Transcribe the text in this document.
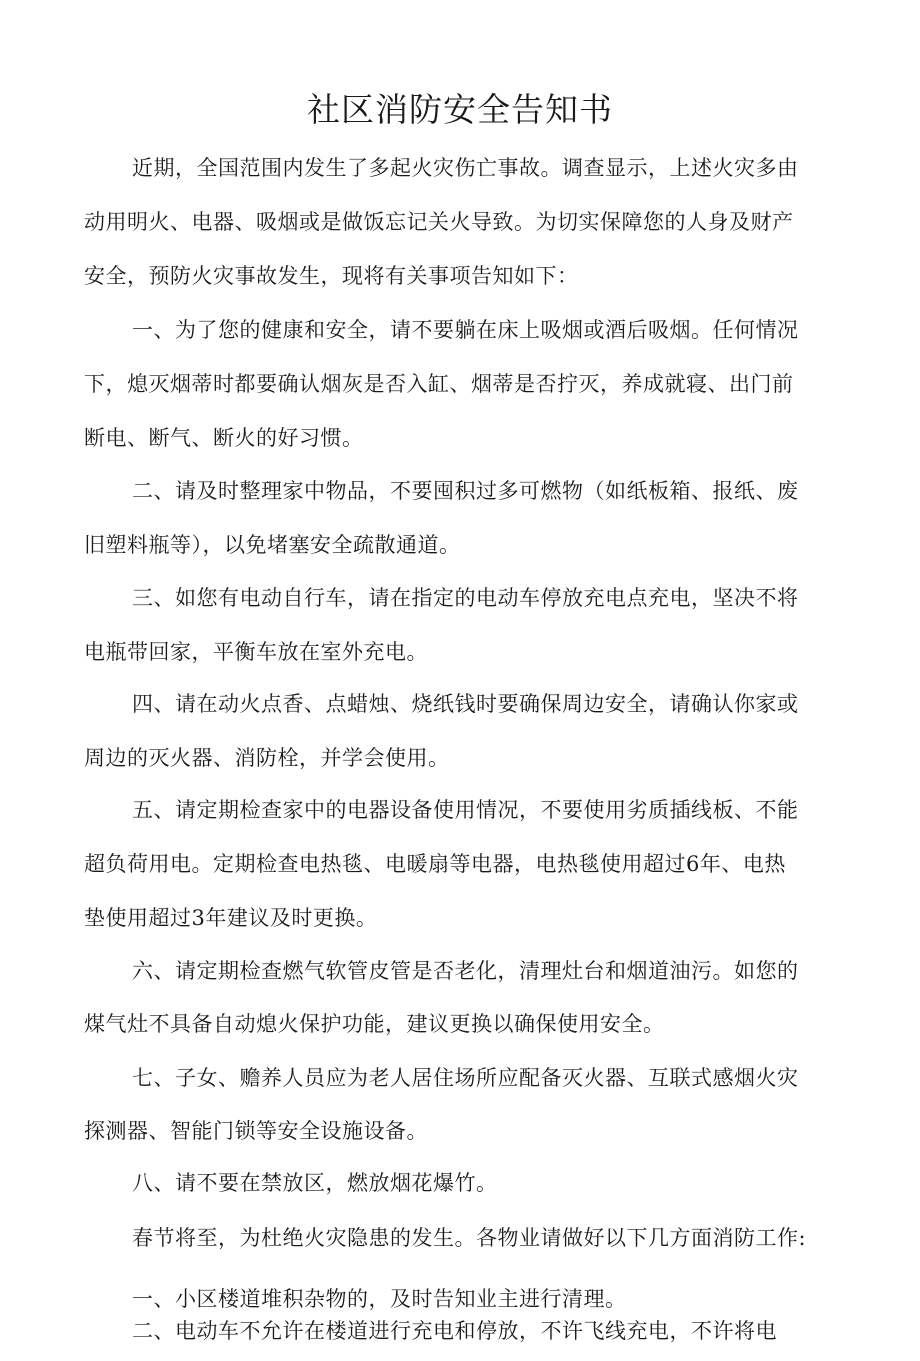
社区消防安全告知书
近期，全国范围内发生了多起火灾伤亡事故。调查显示，上述火灾多由
动用明火、电器、吸烟或是做饭忘记关火导致。为切实保障您的人身及财产
安全，预防火灾事故发生，现将有关事项告知如下：
一、为了您的健康和安全，请不要躺在床上吸烟或酒后吸烟。任何情况
下，熄灭烟蒂时都要确认烟灰是否入缸、烟蒂是否拧灭，养成就寝、出门前
断电、断气、断火的好习惯。
二、请及时整理家中物品，不要囤积过多可燃物（如纸板箱、报纸、废
旧塑料瓶等），以免堵塞安全疏散通道。
三、如您有电动自行车，请在指定的电动车停放充电点充电，坚决不将
电瓶带回家，平衡车放在室外充电。
四、请在动火点香、点蜡烛、烧纸钱时要确保周边安全，请确认你家或
周边的灭火器、消防栓，并学会使用。
五、请定期检查家中的电器设备使用情况，不要使用劣质插线板、不能
超负荷用电。定期检查电热毯、电暖扇等电器，电热毯使用超过6年、电热
垫使用超过3年建议及时更换。
六、请定期检查燃气软管皮管是否老化，清理灶台和烟道油污。如您的
煤气灶不具备自动熄火保护功能，建议更换以确保使用安全。
七、子女、赡养人员应为老人居住场所应配备灭火器、互联式感烟火灾
探测器、智能门锁等安全设施设备。
八、请不要在禁放区，燃放烟花爆竹。
春节将至，为杜绝火灾隐患的发生。各物业请做好以下几方面消防工作:
一、小区楼道堆积杂物的，及时告知业主进行清理。
二、电动车不允许在楼道进行充电和停放，不许飞线充电，不许将电
